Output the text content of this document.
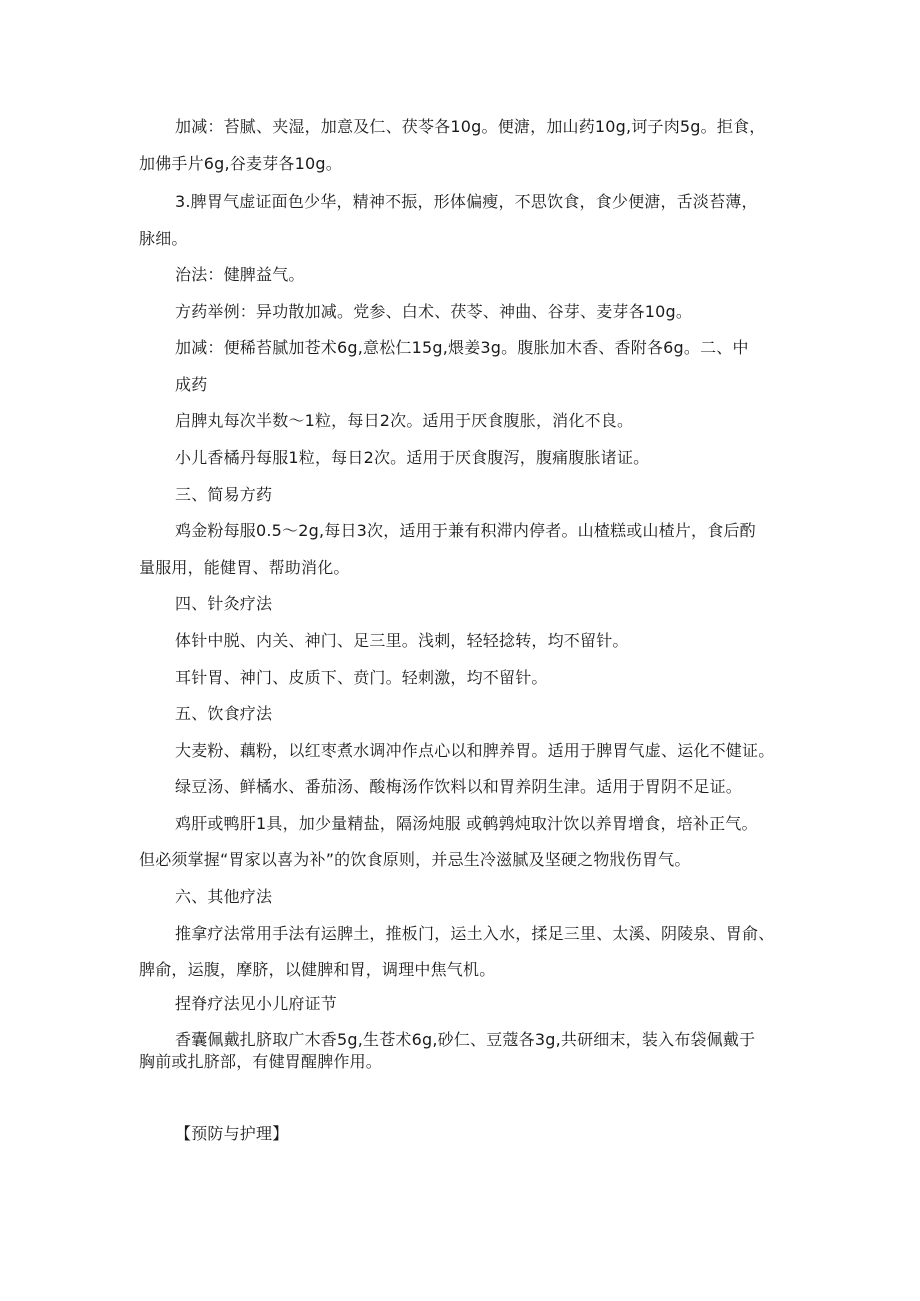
加减：苔腻、夹湿，加意及仁、茯苓各10g。便溏，加山药10g,诃子肉5g。拒食，
加佛手片6g,谷麦芽各10g。
3.脾胃气虚证面色少华，精神不振，形体偏瘦，不思饮食，食少便溏，舌淡苔薄，
脉细。
治法：健脾益气。
方药举例：异功散加减。党参、白术、茯苓、神曲、谷芽、麦芽各10g。
加减：便稀苔腻加苍术6g,意松仁15g,煨姜3g。腹胀加木香、香附各6g。二、中
成药
启脾丸每次半数～1粒，每日2次。适用于厌食腹胀，消化不良。
小儿香橘丹每服1粒，每日2次。适用于厌食腹泻，腹痛腹胀诸证。
三、简易方药
鸡金粉每服0.5～2g,每日3次，适用于兼有积滞内停者。山楂糕或山楂片，食后酌
量服用，能健胃、帮助消化。
四、针灸疗法
体针中脱、内关、神门、足三里。浅刺，轻轻捻转，均不留针。
耳针胃、神门、皮质下、贲门。轻刺激，均不留针。
五、饮食疗法
大麦粉、藕粉，以红枣煮水调冲作点心以和脾养胃。适用于脾胃气虚、运化不健证。
绿豆汤、鲜橘水、番茄汤、酸梅汤作饮料以和胃养阴生津。适用于胃阴不足证。
鸡肝或鸭肝1具，加少量精盐，隔汤炖服 或鹌鹑炖取汁饮以养胃增食，培补正气。
但必须掌握“胃家以喜为补”的饮食原则，并忌生冷滋腻及坚硬之物戕伤胃气。
六、其他疗法
推拿疗法常用手法有运脾土，推板门，运土入水，揉足三里、太溪、阴陵泉、胃俞、
脾俞，运腹，摩脐，以健脾和胃，调理中焦气机。
捏脊疗法见小儿府证节
香囊佩戴扎脐取广木香5g,生苍术6g,砂仁、豆蔻各3g,共研细末，装入布袋佩戴于
胸前或扎脐部，有健胃醒脾作用。
【预防与护理】
